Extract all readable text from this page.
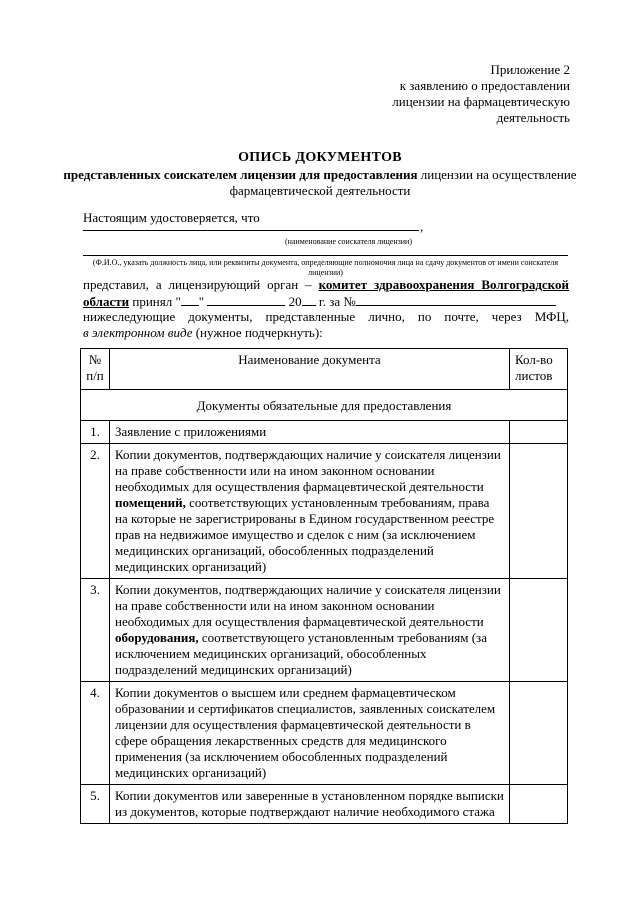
Приложение 2
к заявлению о предоставлении
лицензии на фармацевтическую
деятельность
ОПИСЬ ДОКУМЕНТОВ
представленных соискателем лицензии для предоставления лицензии на осуществление фармацевтической деятельности
Настоящим удостоверяется, что
,
(наименование соискателя лицензии)
(Ф.И.О., указать должность лица, или реквизиты документа, определяющие полномочия лица на сдачу документов от имени соискателя лицензии)
представил, а лицензирующий орган – комитет здравоохранения Волгоградской
области принял " "	20 г. за №
нижеследующие документы, представленные лично, по почте, через МФЦ,
в электронном виде (нужное подчеркнуть):
№ п/п	Наименование документа	Кол-во листов
Документы обязательные для предоставления		
1.	Заявление с приложениями	
2.	Копии документов, подтверждающих наличие у соискателя лицензии на праве собственности или на ином законном основании необходимых для осуществления фармацевтической деятельности помещений, соответствующих установленным требованиям, права на которые не зарегистрированы в Едином государственном реестре прав на недвижимое имущество и сделок с ним (за исключением медицинских организаций, обособленных подразделений медицинских организаций)	
3.	Копии документов, подтверждающих наличие у соискателя лицензии на праве собственности или на ином законном основании необходимых для осуществления фармацевтической деятельности оборудования, соответствующего установленным требованиям (за исключением медицинских организаций, обособленных подразделений медицинских организаций)	
4.	Копии документов о высшем или среднем фармацевтическом образовании и сертификатов специалистов, заявленных соискателем лицензии для осуществления фармацевтической деятельности в сфере обращения лекарственных средств для медицинского применения (за исключением обособленных подразделений медицинских организаций)	
5.	Копии документов или заверенные в установленном порядке выписки из документов, которые подтверждают наличие необходимого стажа	
